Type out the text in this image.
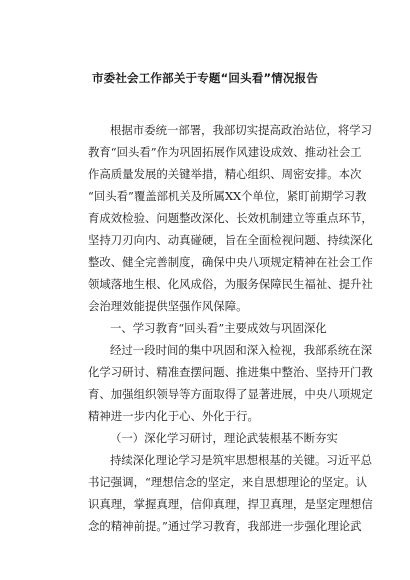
市委社会工作部关于专题“回头看”情况报告
根据市委统一部署，我部切实提高政治站位，将学习
教育“回头看”作为巩固拓展作风建设成效、推动社会工
作高质量发展的关键举措，精心组织、周密安排。本次
“回头看”覆盖部机关及所属XX个单位，紧盯前期学习教
育成效检验、问题整改深化、长效机制建立等重点环节，
坚持刀刃向内、动真碰硬，旨在全面检视问题、持续深化
整改、健全完善制度，确保中央八项规定精神在社会工作
领域落地生根、化风成俗，为服务保障民生福祉、提升社
会治理效能提供坚强作风保障。
一、学习教育“回头看”主要成效与巩固深化
经过一段时间的集中巩固和深入检视，我部系统在深
化学习研讨、精准查摆问题、推进集中整治、坚持开门教
育、加强组织领导等方面取得了显著进展，中央八项规定
精神进一步内化于心、外化于行。
（一）深化学习研讨，理论武装根基不断夯实
持续深化理论学习是筑牢思想根基的关键。习近平总
书记强调，“理想信念的坚定，来自思想理论的坚定。认
识真理，掌握真理，信仰真理，捍卫真理，是坚定理想信
念的精神前提。”通过学习教育，我部进一步强化理论武
